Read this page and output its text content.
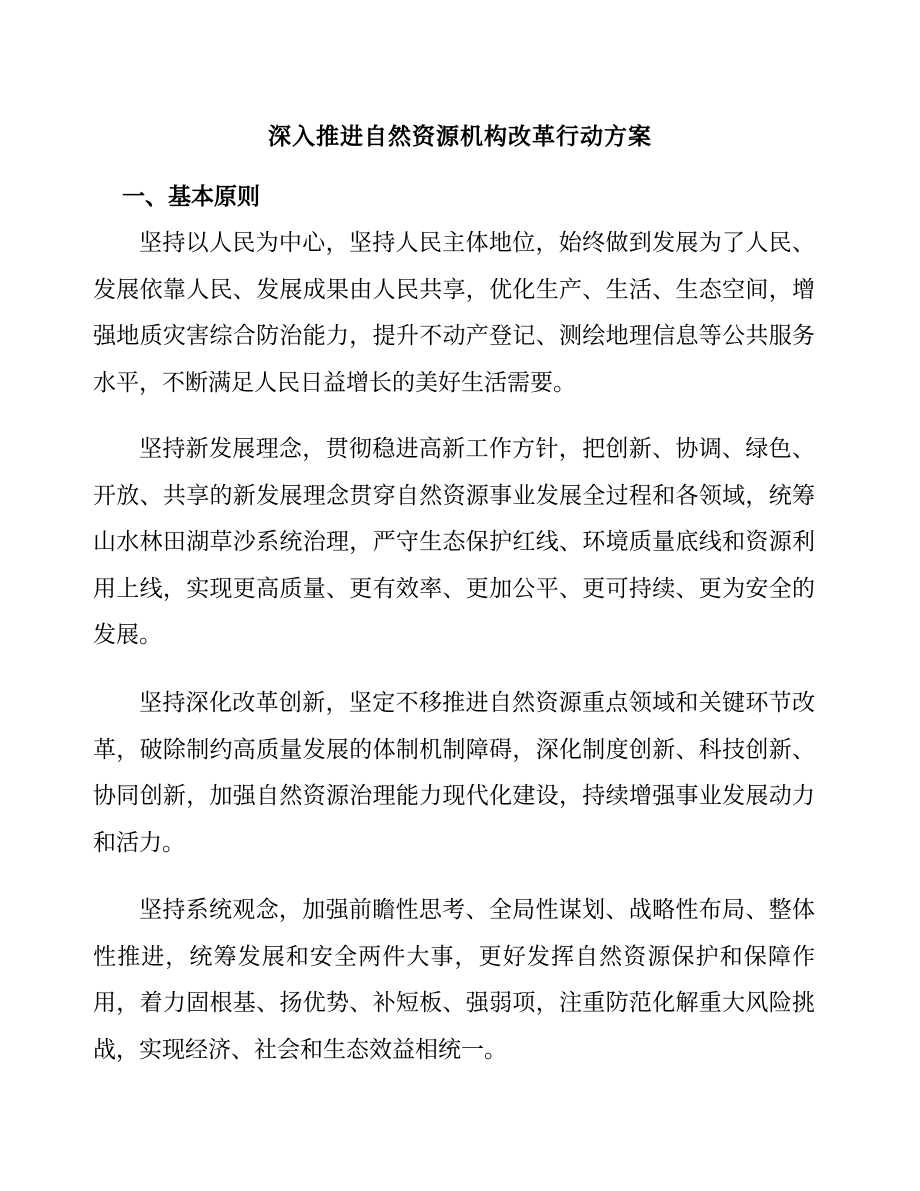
深入推进自然资源机构改革行动方案
一、基本原则

坚持以人民为中心，坚持人民主体地位，始终做到发展为了人民、发展依靠人民、发展成果由人民共享，优化生产、生活、生态空间，增强地质灾害综合防治能力，提升不动产登记、测绘地理信息等公共服务水平，不断满足人民日益增长的美好生活需要。

坚持新发展理念，贯彻稳进高新工作方针，把创新、协调、绿色、开放、共享的新发展理念贯穿自然资源事业发展全过程和各领域，统筹山水林田湖草沙系统治理，严守生态保护红线、环境质量底线和资源利用上线，实现更高质量、更有效率、更加公平、更可持续、更为安全的发展。

坚持深化改革创新，坚定不移推进自然资源重点领域和关键环节改革，破除制约高质量发展的体制机制障碍，深化制度创新、科技创新、协同创新，加强自然资源治理能力现代化建设，持续增强事业发展动力和活力。

坚持系统观念，加强前瞻性思考、全局性谋划、战略性布局、整体性推进，统筹发展和安全两件大事，更好发挥自然资源保护和保障作用，着力固根基、扬优势、补短板、强弱项，注重防范化解重大风险挑战，实现经济、社会和生态效益相统一。
